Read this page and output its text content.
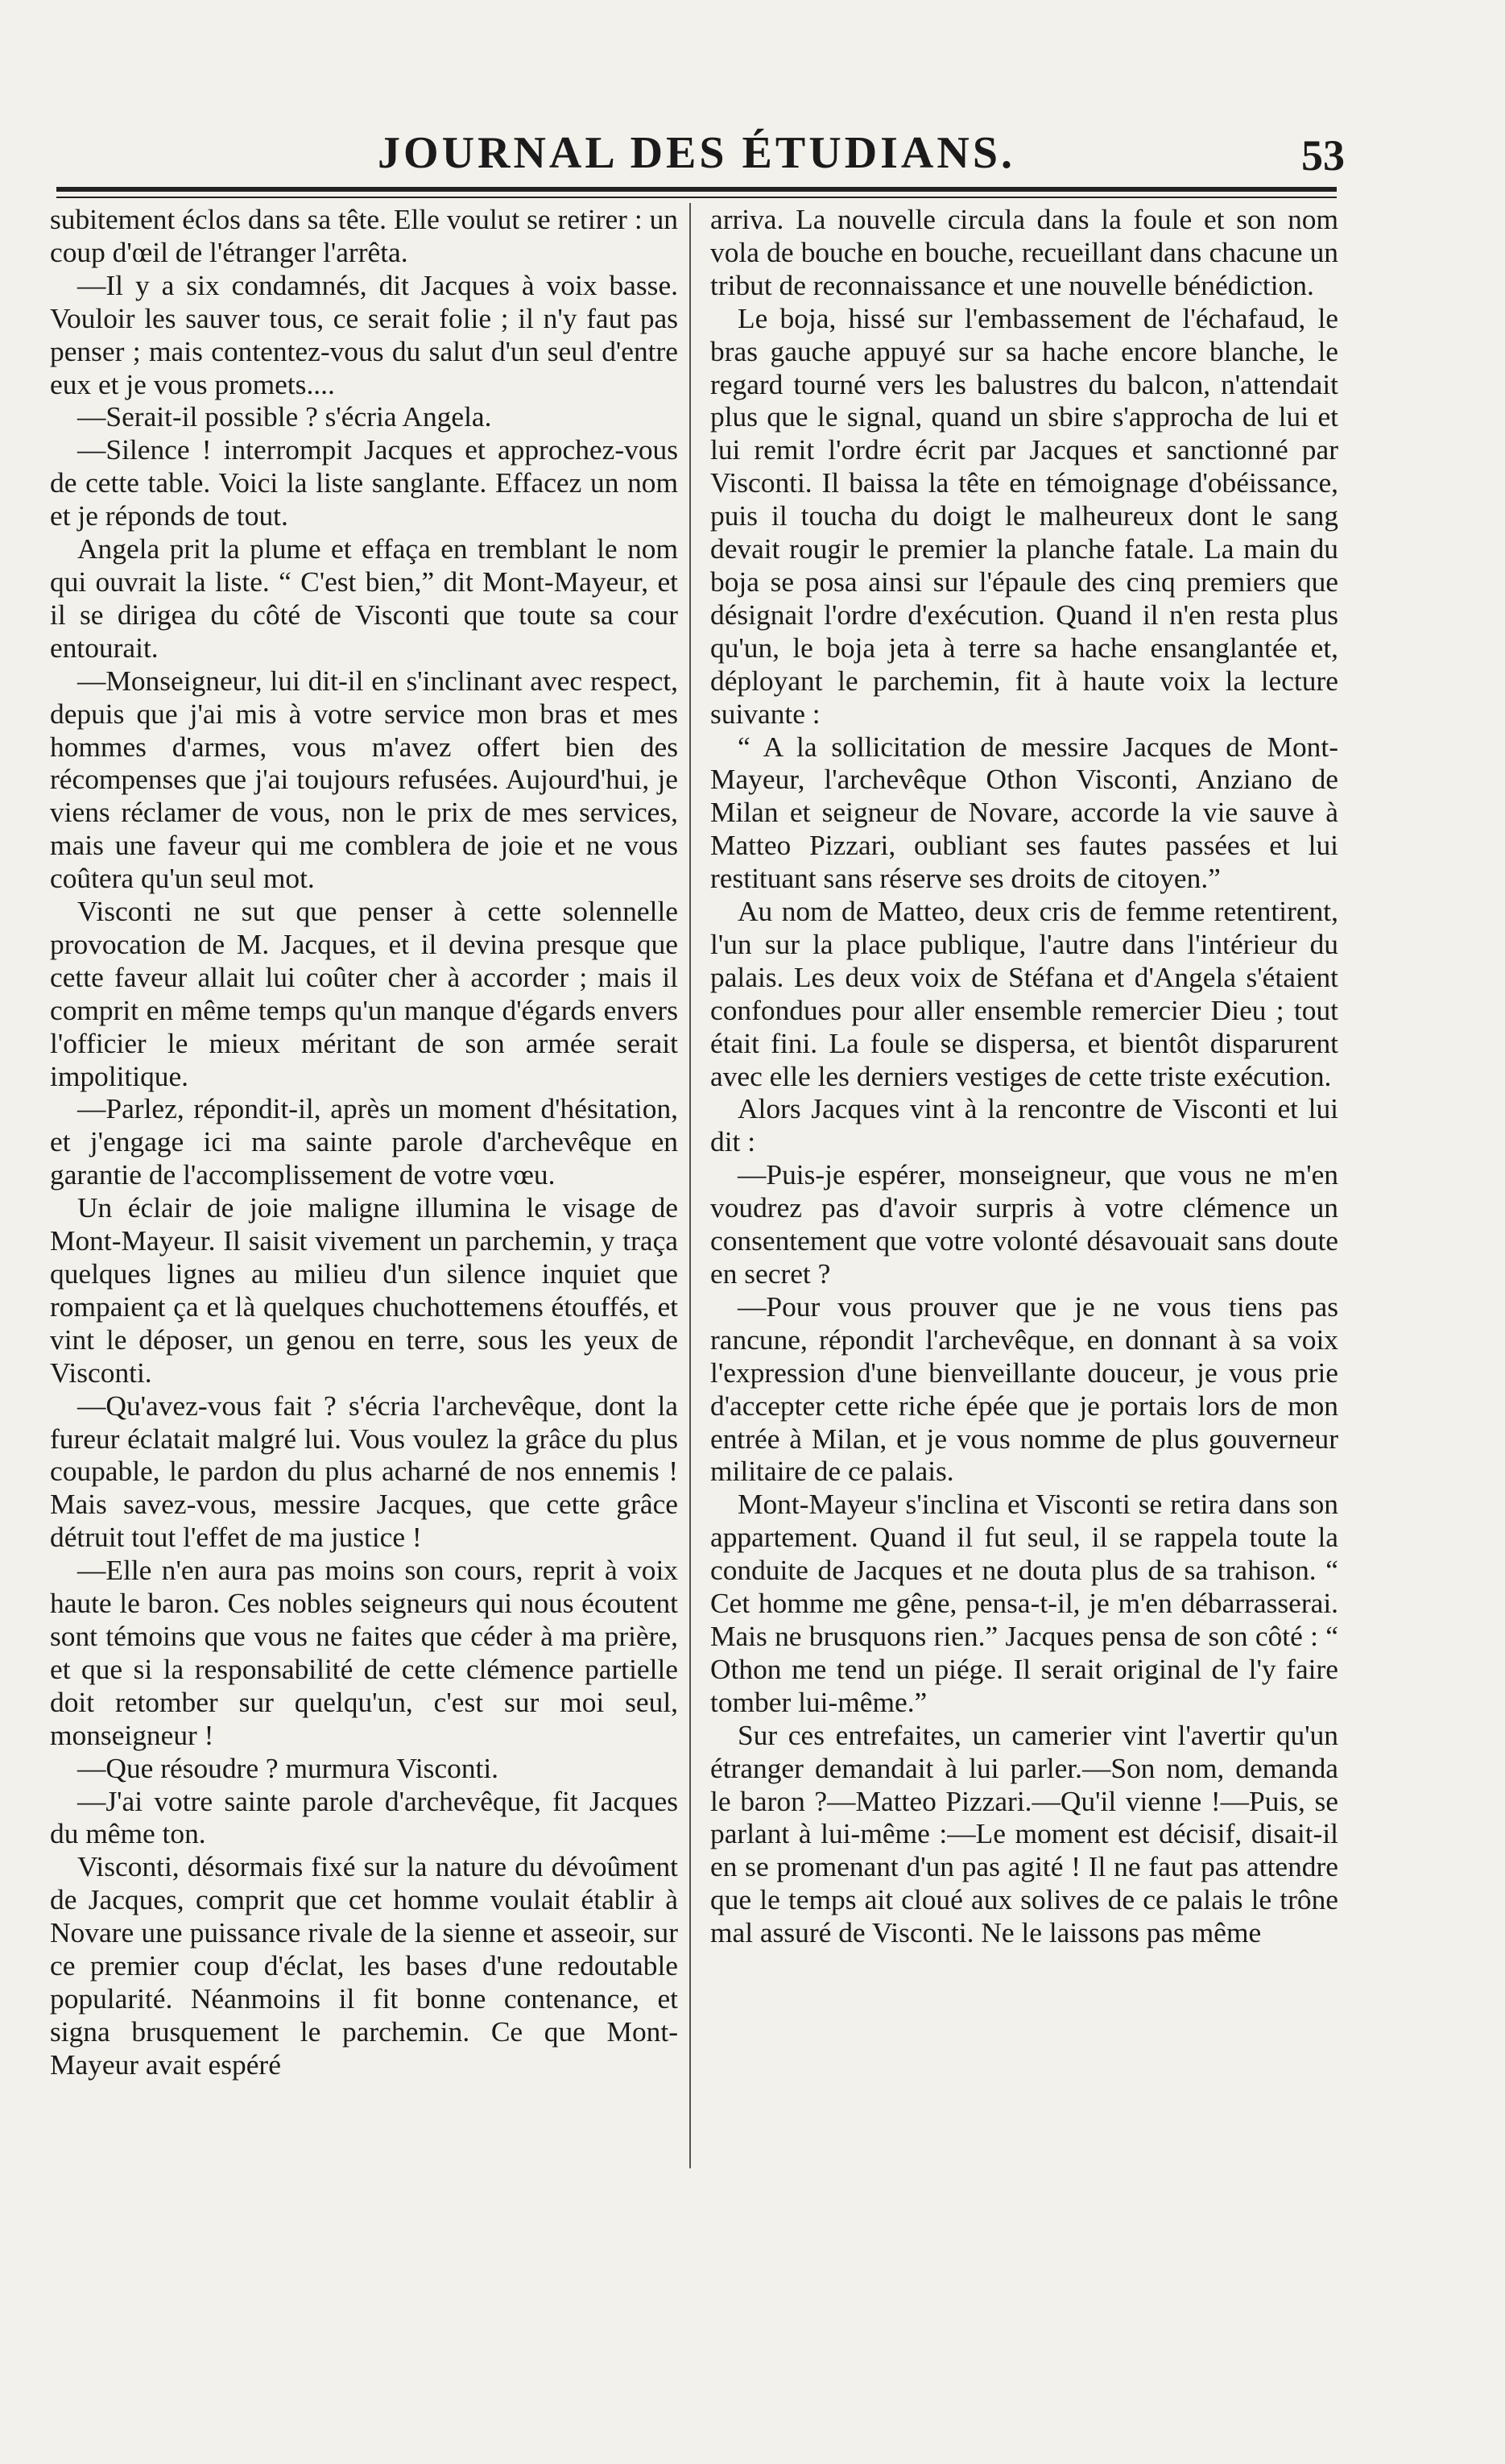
JOURNAL DES ÉTUDIANS.	53

subitement éclos dans sa tête. Elle voulut se retirer : un coup d'œil de l'étranger l'arrêta.

—Il y a six condamnés, dit Jacques à voix basse. Vouloir les sauver tous, ce serait folie ; il n'y faut pas penser ; mais contentez-vous du salut d'un seul d'entre eux et je vous promets....

—Serait-il possible ? s'écria Angela.

—Silence ! interrompit Jacques et approchez-vous de cette table. Voici la liste sanglante. Effacez un nom et je réponds de tout.

Angela prit la plume et effaça en tremblant le nom qui ouvrait la liste. “ C'est bien,” dit Mont-Mayeur, et il se dirigea du côté de Visconti que toute sa cour entourait.

—Monseigneur, lui dit-il en s'inclinant avec respect, depuis que j'ai mis à votre service mon bras et mes hommes d'armes, vous m'avez offert bien des récompenses que j'ai toujours refusées. Aujourd'hui, je viens réclamer de vous, non le prix de mes services, mais une faveur qui me comblera de joie et ne vous coûtera qu'un seul mot.

Visconti ne sut que penser à cette solennelle provocation de M. Jacques, et il devina presque que cette faveur allait lui coûter cher à accorder ; mais il comprit en même temps qu'un manque d'égards envers l'officier le mieux méritant de son armée serait impolitique.

—Parlez, répondit-il, après un moment d'hésitation, et j'engage ici ma sainte parole d'archevêque en garantie de l'accomplissement de votre vœu.

Un éclair de joie maligne illumina le visage de Mont-Mayeur. Il saisit vivement un parchemin, y traça quelques lignes au milieu d'un silence inquiet que rompaient ça et là quelques chuchottemens étouffés, et vint le déposer, un genou en terre, sous les yeux de Visconti.

—Qu'avez-vous fait ? s'écria l'archevêque, dont la fureur éclatait malgré lui. Vous voulez la grâce du plus coupable, le pardon du plus acharné de nos ennemis ! Mais savez-vous, messire Jacques, que cette grâce détruit tout l'effet de ma justice !

—Elle n'en aura pas moins son cours, reprit à voix haute le baron. Ces nobles seigneurs qui nous écoutent sont témoins que vous ne faites que céder à ma prière, et que si la responsabilité de cette clémence partielle doit retomber sur quelqu'un, c'est sur moi seul, monseigneur !

—Que résoudre ? murmura Visconti.

—J'ai votre sainte parole d'archevêque, fit Jacques du même ton.

Visconti, désormais fixé sur la nature du dévoûment de Jacques, comprit que cet homme voulait établir à Novare une puissance rivale de la sienne et asseoir, sur ce premier coup d'éclat, les bases d'une redoutable popularité. Néanmoins il fit bonne contenance, et signa brusquement le parchemin. Ce que Mont-Mayeur avait espéré

arriva. La nouvelle circula dans la foule et son nom vola de bouche en bouche, recueillant dans chacune un tribut de reconnaissance et une nouvelle bénédiction.

Le boja, hissé sur l'embassement de l'échafaud, le bras gauche appuyé sur sa hache encore blanche, le regard tourné vers les balustres du balcon, n'attendait plus que le signal, quand un sbire s'approcha de lui et lui remit l'ordre écrit par Jacques et sanctionné par Visconti. Il baissa la tête en témoignage d'obéissance, puis il toucha du doigt le malheureux dont le sang devait rougir le premier la planche fatale. La main du boja se posa ainsi sur l'épaule des cinq premiers que désignait l'ordre d'exécution. Quand il n'en resta plus qu'un, le boja jeta à terre sa hache ensanglantée et, déployant le parchemin, fit à haute voix la lecture suivante :

“ A la sollicitation de messire Jacques de Mont-Mayeur, l'archevêque Othon Visconti, Anziano de Milan et seigneur de Novare, accorde la vie sauve à Matteo Pizzari, oubliant ses fautes passées et lui restituant sans réserve ses droits de citoyen.”

Au nom de Matteo, deux cris de femme retentirent, l'un sur la place publique, l'autre dans l'intérieur du palais. Les deux voix de Stéfana et d'Angela s'étaient confondues pour aller ensemble remercier Dieu ; tout était fini. La foule se dispersa, et bientôt disparurent avec elle les derniers vestiges de cette triste exécution.

Alors Jacques vint à la rencontre de Visconti et lui dit :

—Puis-je espérer, monseigneur, que vous ne m'en voudrez pas d'avoir surpris à votre clémence un consentement que votre volonté désavouait sans doute en secret ?

—Pour vous prouver que je ne vous tiens pas rancune, répondit l'archevêque, en donnant à sa voix l'expression d'une bienveillante douceur, je vous prie d'accepter cette riche épée que je portais lors de mon entrée à Milan, et je vous nomme de plus gouverneur militaire de ce palais.

Mont-Mayeur s'inclina et Visconti se retira dans son appartement. Quand il fut seul, il se rappela toute la conduite de Jacques et ne douta plus de sa trahison. “ Cet homme me gêne, pensa-t-il, je m'en débarrasserai. Mais ne brusquons rien.” Jacques pensa de son côté : “ Othon me tend un piége. Il serait original de l'y faire tomber lui-même.”

Sur ces entrefaites, un camerier vint l'avertir qu'un étranger demandait à lui parler.—Son nom, demanda le baron ?—Matteo Pizzari.—Qu'il vienne !—Puis, se parlant à lui-même :—Le moment est décisif, disait-il en se promenant d'un pas agité ! Il ne faut pas attendre que le temps ait cloué aux solives de ce palais le trône mal assuré de Visconti. Ne le laissons pas même
